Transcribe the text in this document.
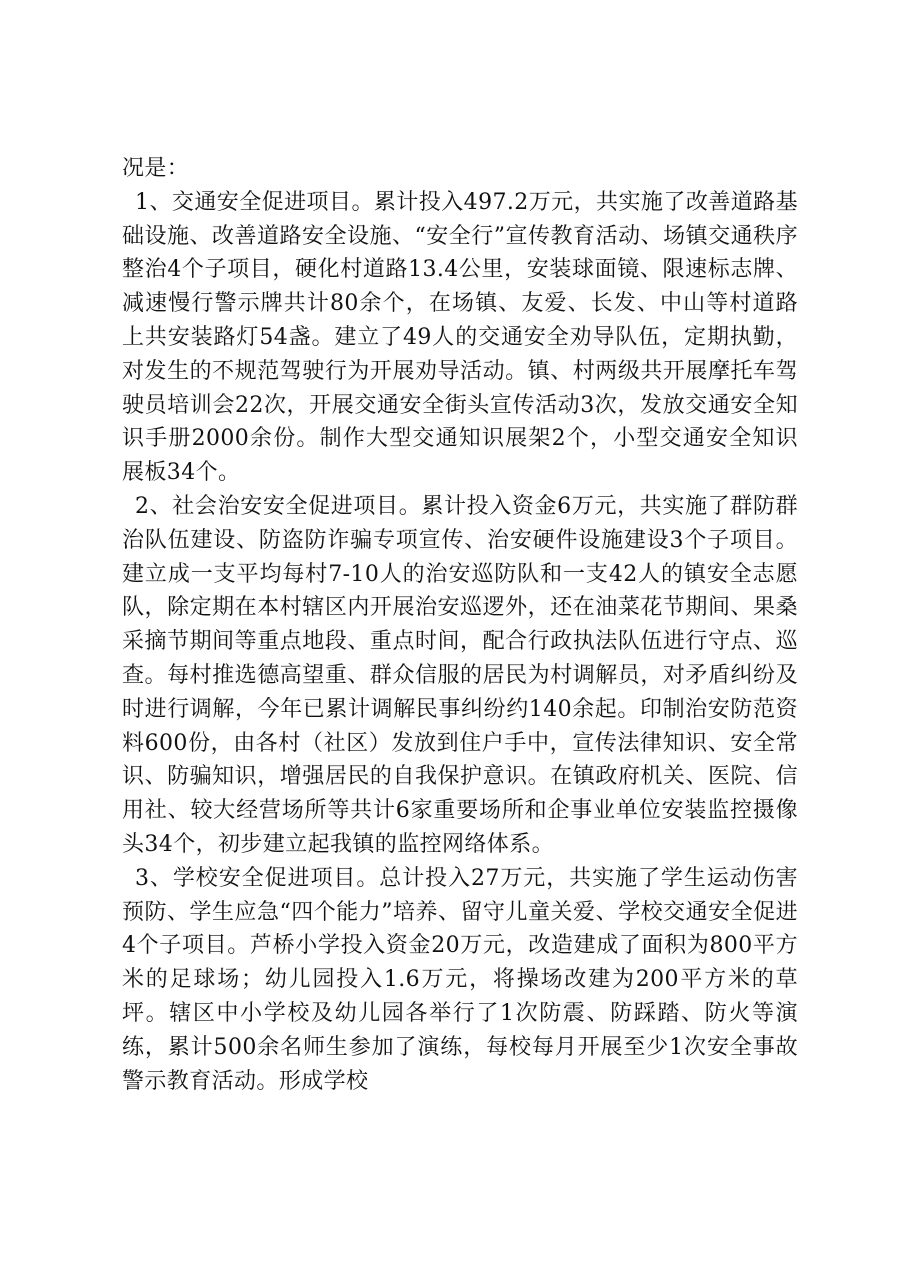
况是：

1、交通安全促进项目。累计投入497.2万元，共实施了改善道路基础设施、改善道路安全设施、“安全行”宣传教育活动、场镇交通秩序整治4个子项目，硬化村道路13.4公里，安装球面镜、限速标志牌、减速慢行警示牌共计80余个，在场镇、友爱、长发、中山等村道路上共安装路灯54盏。建立了49人的交通安全劝导队伍，定期执勤，对发生的不规范驾驶行为开展劝导活动。镇、村两级共开展摩托车驾驶员培训会22次，开展交通安全街头宣传活动3次，发放交通安全知识手册2000余份。制作大型交通知识展架2个，小型交通安全知识展板34个。

2、社会治安安全促进项目。累计投入资金6万元，共实施了群防群治队伍建设、防盗防诈骗专项宣传、治安硬件设施建设3个子项目。建立成一支平均每村7-10人的治安巡防队和一支42人的镇安全志愿队，除定期在本村辖区内开展治安巡逻外，还在油菜花节期间、果桑采摘节期间等重点地段、重点时间，配合行政执法队伍进行守点、巡查。每村推选德高望重、群众信服的居民为村调解员，对矛盾纠纷及时进行调解，今年已累计调解民事纠纷约140余起。印制治安防范资料600份，由各村（社区）发放到住户手中，宣传法律知识、安全常识、防骗知识，增强居民的自我保护意识。在镇政府机关、医院、信用社、较大经营场所等共计6家重要场所和企事业单位安装监控摄像头34个，初步建立起我镇的监控网络体系。

3、学校安全促进项目。总计投入27万元，共实施了学生运动伤害预防、学生应急“四个能力”培养、留守儿童关爱、学校交通安全促进4个子项目。芦桥小学投入资金20万元，改造建成了面积为800平方米的足球场；幼儿园投入1.6万元，将操场改建为200平方米的草坪。辖区中小学校及幼儿园各举行了1次防震、防踩踏、防火等演练，累计500余名师生参加了演练，每校每月开展至少1次安全事故警示教育活动。形成学校
